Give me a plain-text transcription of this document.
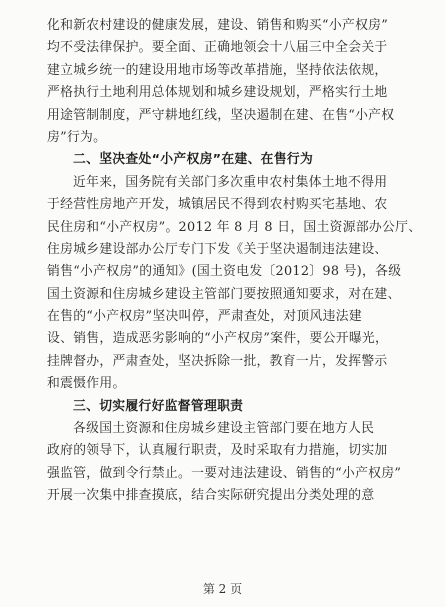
化和新农村建设的健康发展，建设、销售和购买“小产权房”
均不受法律保护。要全面、正确地领会十八届三中全会关于
建立城乡统一的建设用地市场等改革措施，坚持依法依规，
严格执行土地利用总体规划和城乡建设规划，严格实行土地
用途管制制度，严守耕地红线，坚决遏制在建、在售“小产权
房”行为。
二、坚决查处“小产权房”在建、在售行为
近年来，国务院有关部门多次重申农村集体土地不得用
于经营性房地产开发，城镇居民不得到农村购买宅基地、农
民住房和“小产权房”。2012 年 8 月 8 日，国土资源部办公厅、
住房城乡建设部办公厅专门下发《关于坚决遏制违法建设、
销售“小产权房”的通知》(国土资电发〔2012〕98 号)，各级
国土资源和住房城乡建设主管部门要按照通知要求，对在建、
在售的“小产权房”坚决叫停，严肃查处，对顶风违法建
设、销售，造成恶劣影响的“小产权房”案件，要公开曝光，
挂牌督办，严肃查处，坚决拆除一批，教育一片，发挥警示
和震慑作用。
三、切实履行好监督管理职责
各级国土资源和住房城乡建设主管部门要在地方人民
政府的领导下，认真履行职责，及时采取有力措施，切实加
强监管，做到令行禁止。一要对违法建设、销售的“小产权房”
开展一次集中排查摸底，结合实际研究提出分类处理的意
第 2 页
